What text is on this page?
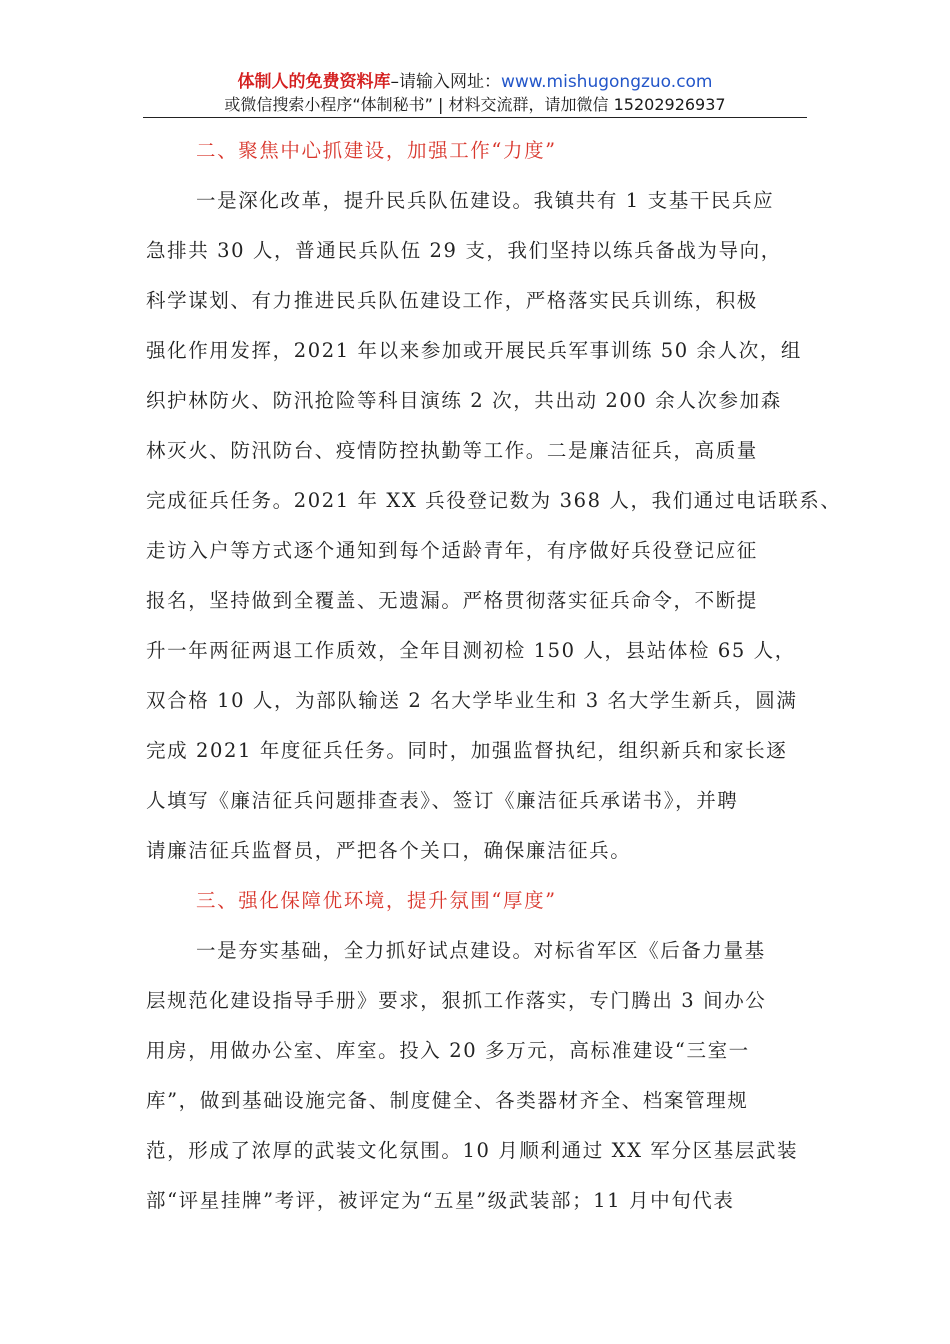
体制人的免费资料库–请输入网址：www.mishugongzuo.com
或微信搜索小程序“体制秘书” | 材料交流群，请加微信 15202926937
二、聚焦中心抓建设，加强工作“力度”
一是深化改革，提升民兵队伍建设。我镇共有 1 支基干民兵应
急排共 30 人，普通民兵队伍 29 支，我们坚持以练兵备战为导向，
科学谋划、有力推进民兵队伍建设工作，严格落实民兵训练，积极
强化作用发挥，2021 年以来参加或开展民兵军事训练 50 余人次，组
织护林防火、防汛抢险等科目演练 2 次，共出动 200 余人次参加森
林灭火、防汛防台、疫情防控执勤等工作。二是廉洁征兵，高质量
完成征兵任务。2021 年 XX 兵役登记数为 368 人，我们通过电话联系、
走访入户等方式逐个通知到每个适龄青年，有序做好兵役登记应征
报名，坚持做到全覆盖、无遗漏。严格贯彻落实征兵命令，不断提
升一年两征两退工作质效，全年目测初检 150 人，县站体检 65 人，
双合格 10 人，为部队输送 2 名大学毕业生和 3 名大学生新兵，圆满
完成 2021 年度征兵任务。同时，加强监督执纪，组织新兵和家长逐
人填写《廉洁征兵问题排查表》、签订《廉洁征兵承诺书》，并聘
请廉洁征兵监督员，严把各个关口，确保廉洁征兵。
三、强化保障优环境，提升氛围“厚度”
一是夯实基础，全力抓好试点建设。对标省军区《后备力量基
层规范化建设指导手册》要求，狠抓工作落实，专门腾出 3 间办公
用房，用做办公室、库室。投入 20 多万元，高标准建设“三室一
库”，做到基础设施完备、制度健全、各类器材齐全、档案管理规
范，形成了浓厚的武装文化氛围。10 月顺利通过 XX 军分区基层武装
部“评星挂牌”考评，被评定为“五星”级武装部；11 月中旬代表
